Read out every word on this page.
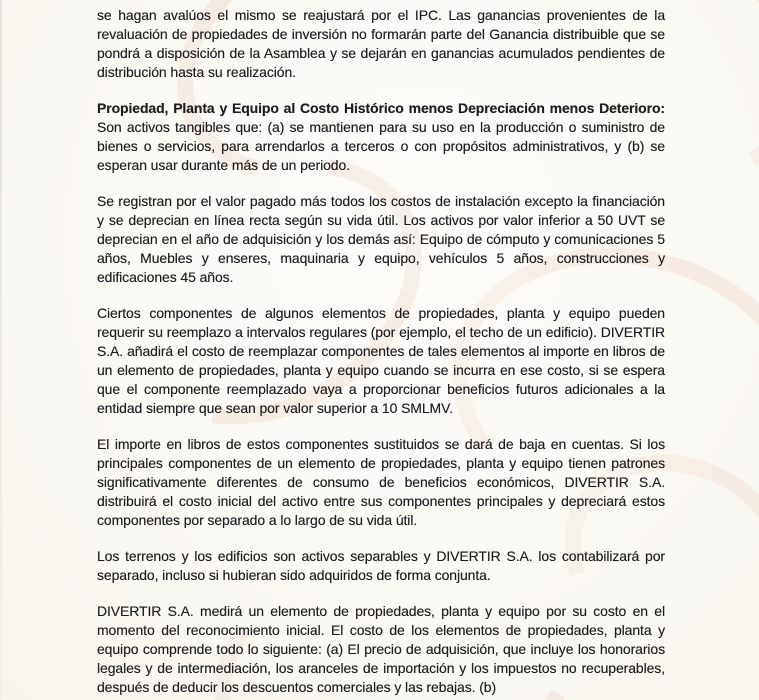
se hagan avalúos el mismo se reajustará por el IPC. Las ganancias provenientes de la revaluación de propiedades de inversión no formarán parte del Ganancia distribuible que se pondrá a disposición de la Asamblea y se dejarán en ganancias acumulados pendientes de distribución hasta su realización.

Propiedad, Planta y Equipo al Costo Histórico menos Depreciación menos Deterioro: Son activos tangibles que: (a) se mantienen para su uso en la producción o suministro de bienes o servicios, para arrendarlos a terceros o con propósitos administrativos, y (b) se esperan usar durante más de un periodo.

Se registran por el valor pagado más todos los costos de instalación excepto la financiación y se deprecian en línea recta según su vida útil. Los activos por valor inferior a 50 UVT se deprecian en el año de adquisición y los demás así: Equipo de cómputo y comunicaciones 5 años, Muebles y enseres, maquinaria y equipo, vehículos 5 años, construcciones y edificaciones 45 años.

Ciertos componentes de algunos elementos de propiedades, planta y equipo pueden requerir su reemplazo a intervalos regulares (por ejemplo, el techo de un edificio). DIVERTIR S.A. añadirá el costo de reemplazar componentes de tales elementos al importe en libros de un elemento de propiedades, planta y equipo cuando se incurra en ese costo, si se espera que el componente reemplazado vaya a proporcionar beneficios futuros adicionales a la entidad siempre que sean por valor superior a 10 SMLMV.

El importe en libros de estos componentes sustituidos se dará de baja en cuentas. Si los principales componentes de un elemento de propiedades, planta y equipo tienen patrones significativamente diferentes de consumo de beneficios económicos, DIVERTIR S.A. distribuirá el costo inicial del activo entre sus componentes principales y depreciará estos componentes por separado a lo largo de su vida útil.

Los terrenos y los edificios son activos separables y DIVERTIR S.A. los contabilizará por separado, incluso si hubieran sido adquiridos de forma conjunta.

DIVERTIR S.A. medirá un elemento de propiedades, planta y equipo por su costo en el momento del reconocimiento inicial. El costo de los elementos de propiedades, planta y equipo comprende todo lo siguiente: (a) El precio de adquisición, que incluye los honorarios legales y de intermediación, los aranceles de importación y los impuestos no recuperables, después de deducir los descuentos comerciales y las rebajas. (b)
